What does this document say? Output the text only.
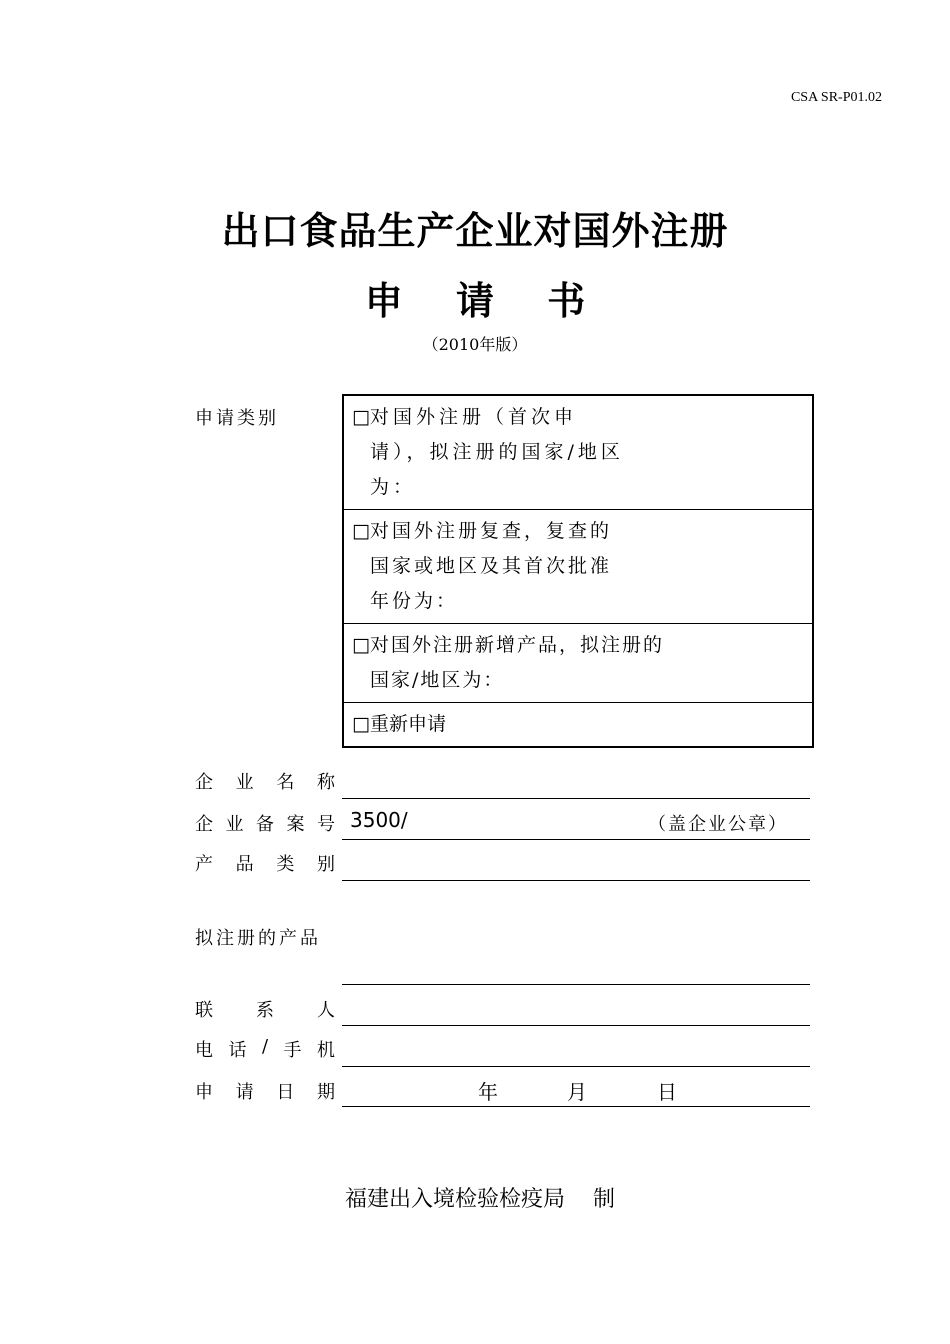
CSA SR-P01.02
出口食品生产企业对国外注册
申 请 书
（2010年版）
申请类别	□对国外注册（首次申请），拟注册的国家/地区为：
□对国外注册复查，复查的国家或地区及其首次批准年份为：
□对国外注册新增产品，拟注册的国家/地区为：
□重新申请
企 业 名 称
企 业 备 案 号 3500/	（盖企业公章）
产 品 类 别
拟注册的产品
联 系 人
电 话 / 手 机
申 请 日 期	年	月	日
福建出入境检验检疫局 制
